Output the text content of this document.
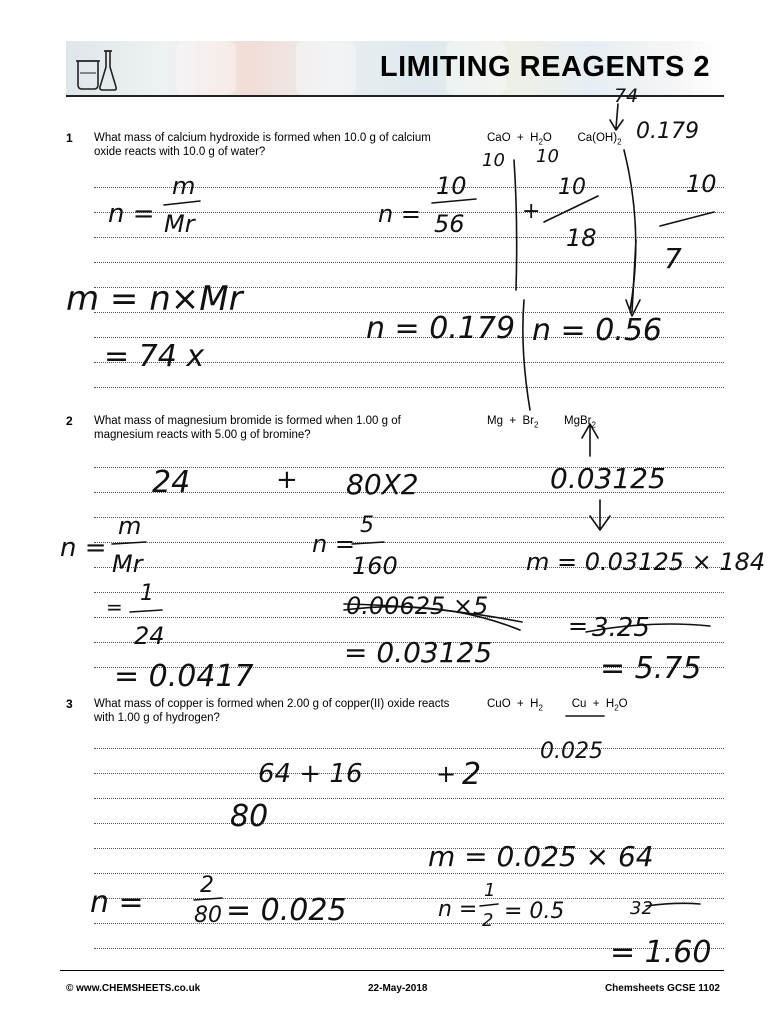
LIMITING REAGENTS 2
1 What mass of calcium hydroxide is formed when 10.0 g of calcium oxide reacts with 10.0 g of water?
CaO + $H_2O$ $Ca(OH)_2$
2 What mass of magnesium bromide is formed when 1.00 g of magnesium reacts with 5.00 g of bromine?
$Mg + Br_2$ MgBr$_2$
3 What mass of copper is formed when 2.00 g of copper(II) oxide reacts with 1.00 g of hydrogen?
CuO + $H_2$	$Cu + H_2O$
74
0.179
n =
m
Mr	n =
10
56
10 10
+
10
18
10
7
m = n×Mr
n = 0.179 n = 0.56
= 74 x
24	+ 80X2	0.03125
n =
m
Mr
n =
5
160	m = 0.03125 × 184
=
1
24
0.00625 ×5
= 3.25
= 0.03125
= 0.0417	= 5.75
0.025
64 + 16	+ 2
80
m = 0.025 × 64
n =	2
80 = 0.025	n =
1
2 = 0.5	32
= 1.60
© www.CHEMSHEETS.co.uk	22-May-2018	Chemsheets GCSE 1102
